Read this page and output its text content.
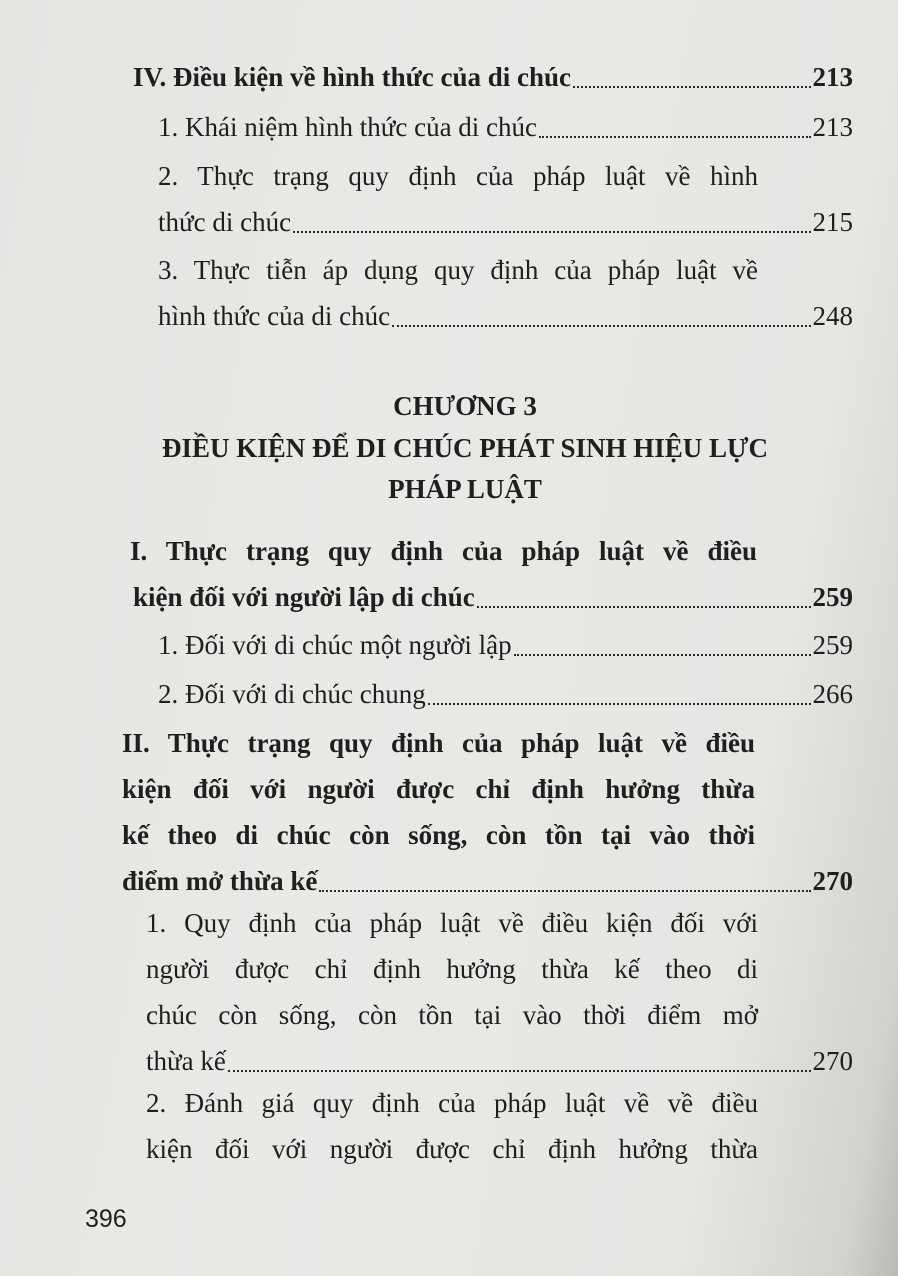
IV. Điều kiện về hình thức của di chúc	213
1. Khái niệm hình thức của di chúc	213
2. Thực trạng quy định của pháp luật về hình
thức di chúc	215
3. Thực tiễn áp dụng quy định của pháp luật về
hình thức của di chúc	248
CHƯƠNG 3
ĐIỀU KIỆN ĐỂ DI CHÚC PHÁT SINH HIỆU LỰC
PHÁP LUẬT
I. Thực trạng quy định của pháp luật về điều
kiện đối với người lập di chúc	259
1. Đối với di chúc một người lập	259
2. Đối với di chúc chung	266
II. Thực trạng quy định của pháp luật về điều
kiện đối với người được chỉ định hưởng thừa
kế theo di chúc còn sống, còn tồn tại vào thời
điểm mở thừa kế	270
1. Quy định của pháp luật về điều kiện đối với
người được chỉ định hưởng thừa kế theo di
chúc còn sống, còn tồn tại vào thời điểm mở
thừa kế	270
2. Đánh giá quy định của pháp luật về về điều
kiện đối với người được chỉ định hưởng thừa
396
